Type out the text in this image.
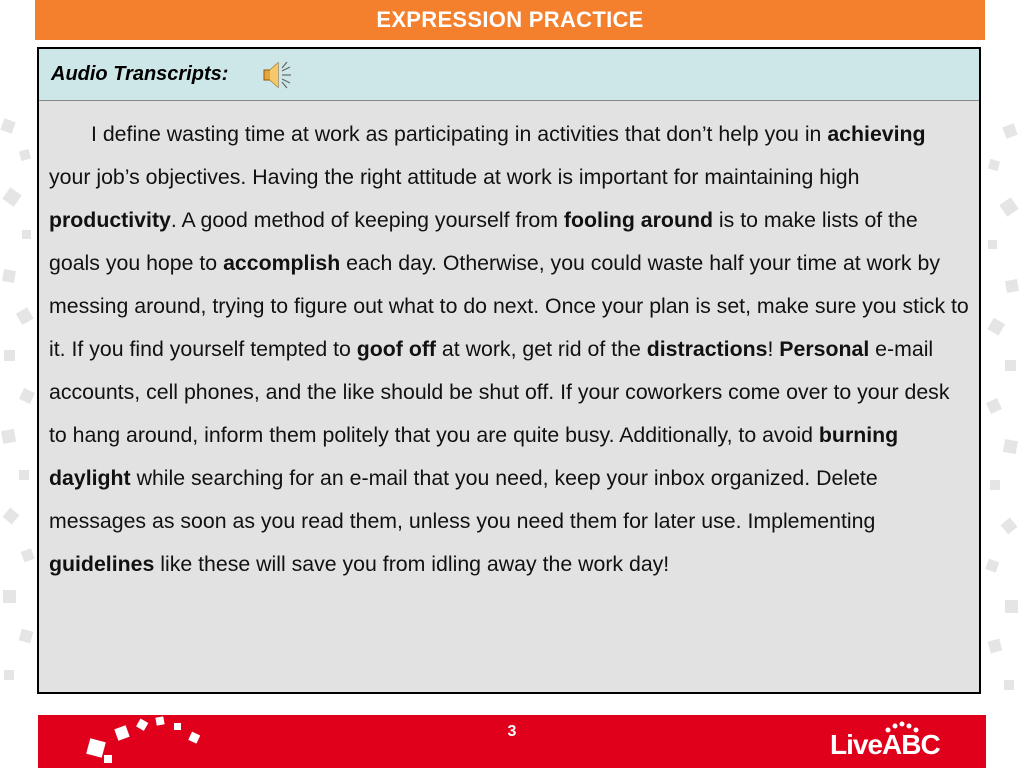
EXPRESSION PRACTICE
Audio Transcripts:

I define wasting time at work as participating in activities that don’t help you in achieving your job’s objectives. Having the right attitude at work is important for maintaining high productivity. A good method of keeping yourself from fooling around is to make lists of the goals you hope to accomplish each day. Otherwise, you could waste half your time at work by messing around, trying to figure out what to do next. Once your plan is set, make sure you stick to it. If you find yourself tempted to goof off at work, get rid of the distractions! Personal e-mail accounts, cell phones, and the like should be shut off. If your coworkers come over to your desk to hang around, inform them politely that you are quite busy. Additionally, to avoid burning daylight while searching for an e-mail that you need, keep your inbox organized. Delete messages as soon as you read them, unless you need them for later use. Implementing guidelines like these will save you from idling away the work day!

3	LiveABC
